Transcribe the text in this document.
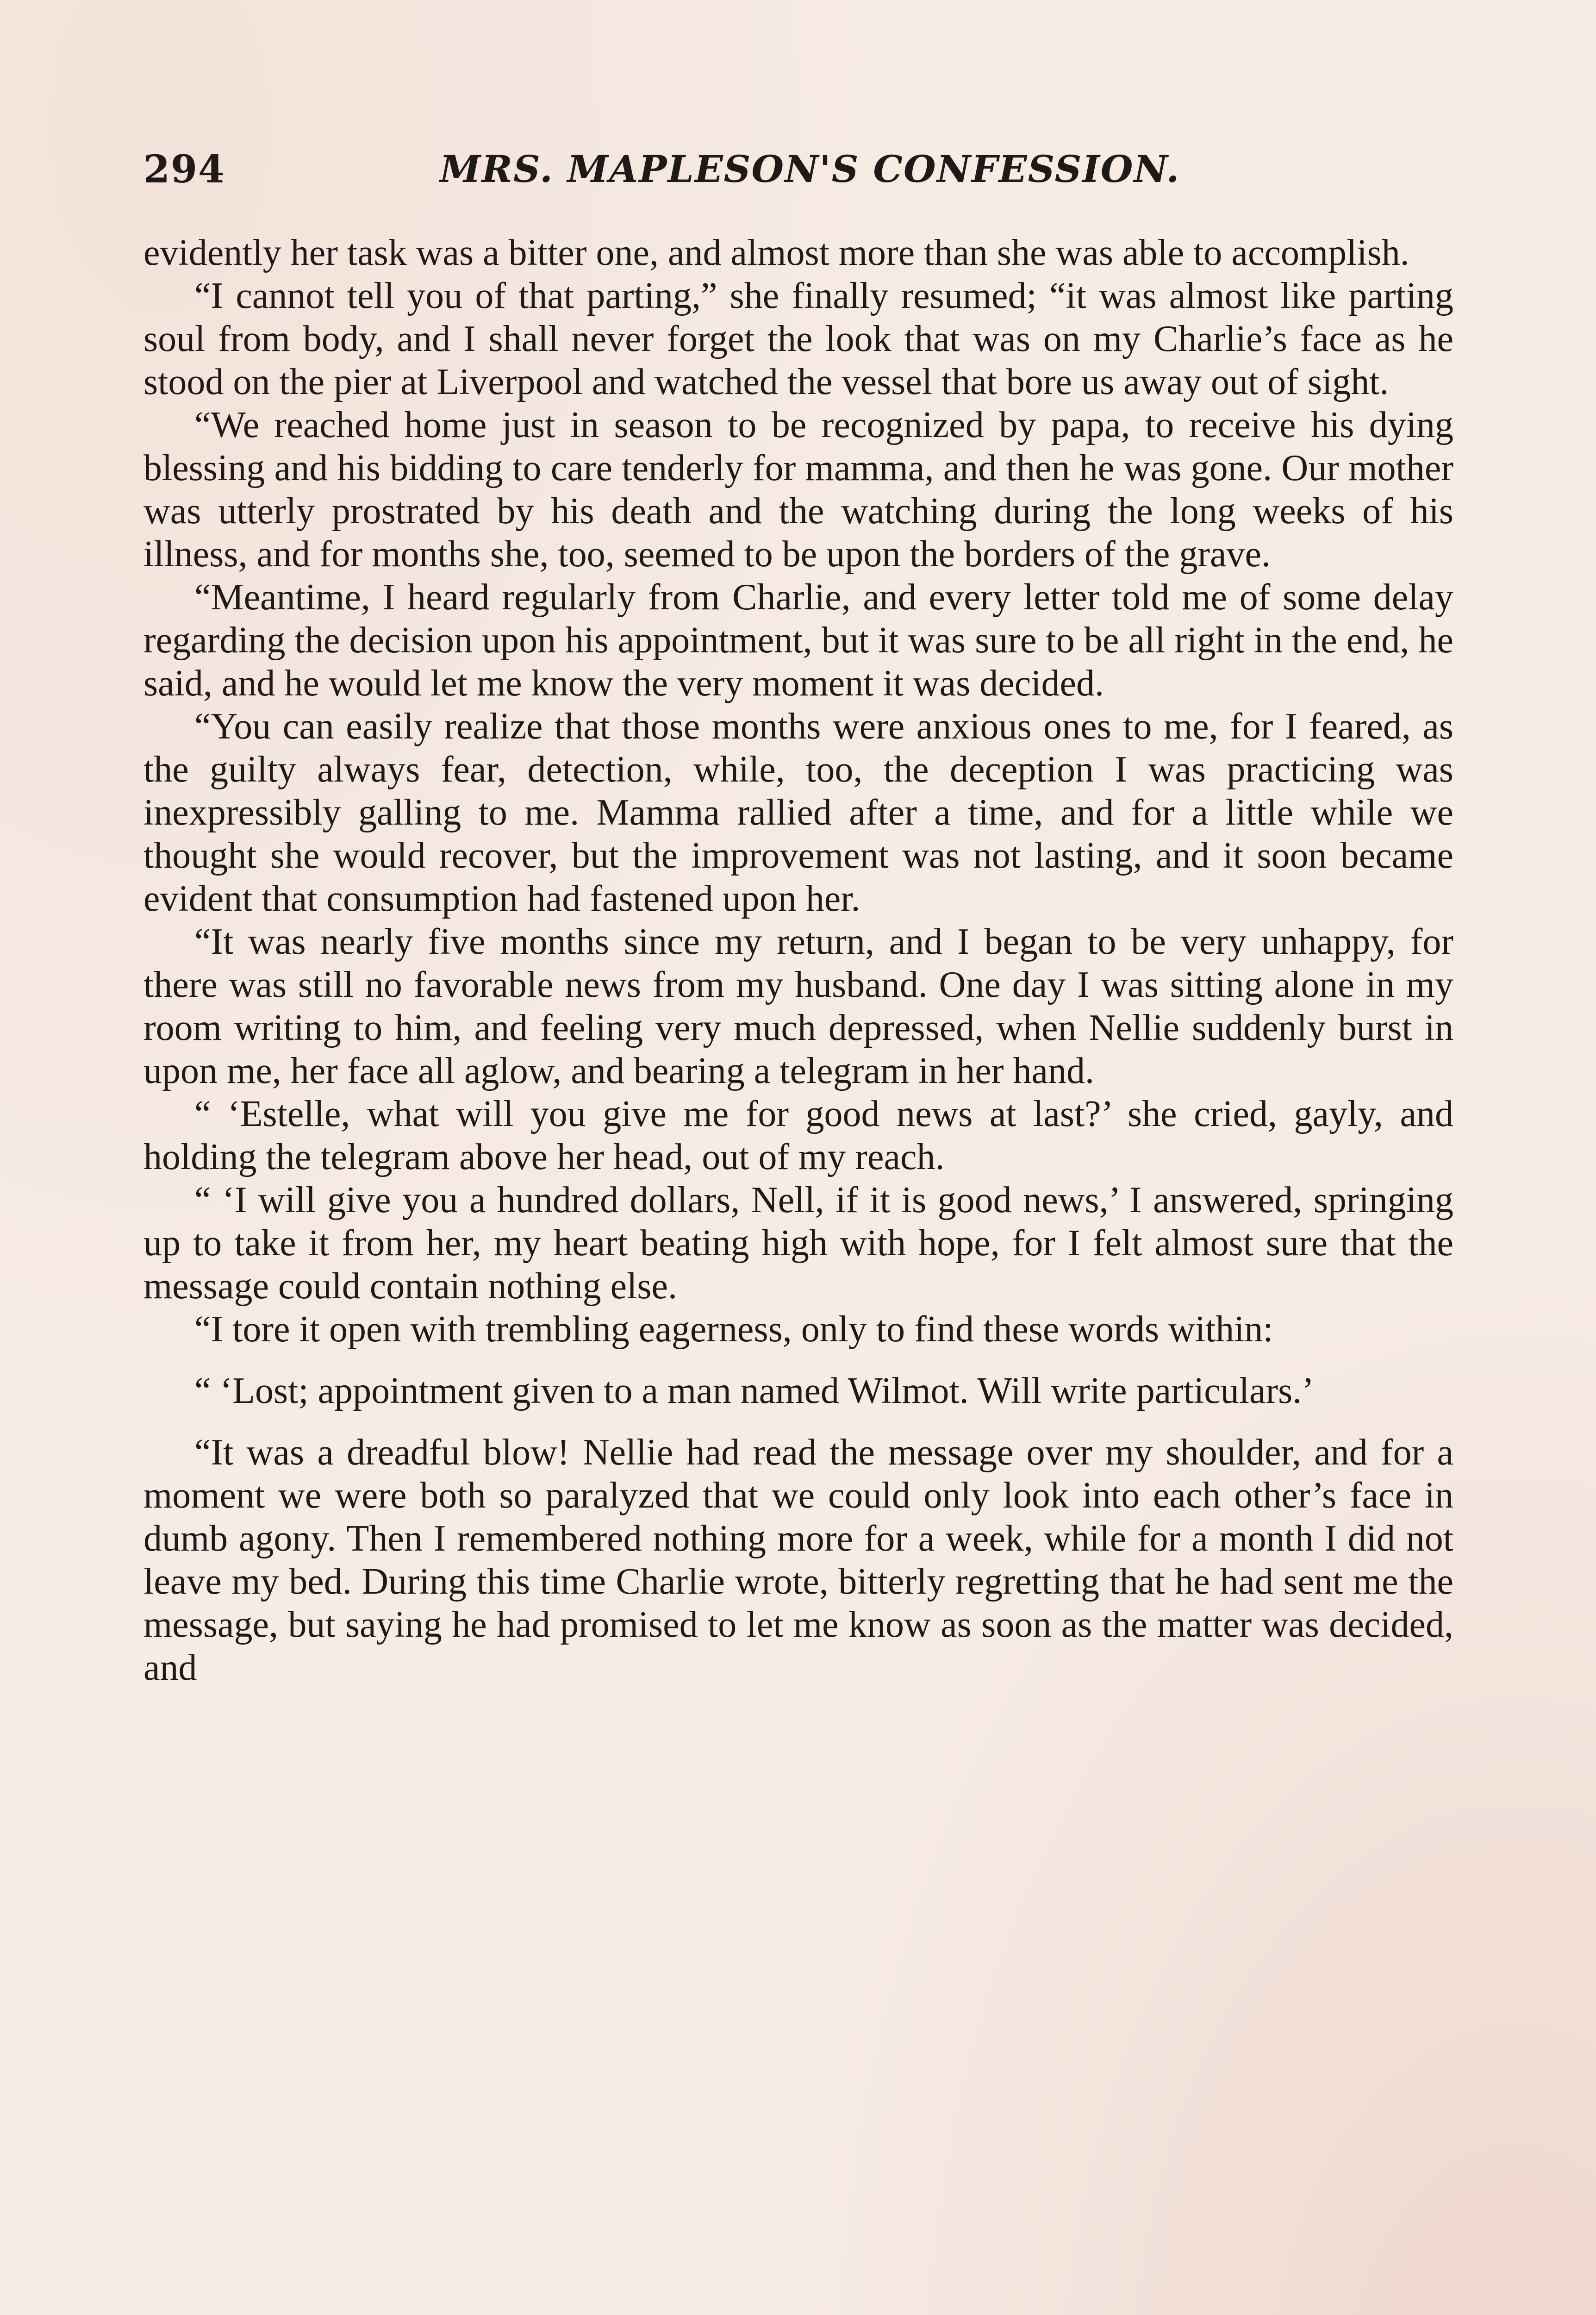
294	MRS. MAPLESON'S CONFESSION.

evidently her task was a bitter one, and almost more than she was able to accomplish.

“I cannot tell you of that parting,” she finally resumed; “it was almost like parting soul from body, and I shall never forget the look that was on my Charlie’s face as he stood on the pier at Liverpool and watched the vessel that bore us away out of sight.

“We reached home just in season to be recognized by papa, to receive his dying blessing and his bidding to care tenderly for mamma, and then he was gone. Our mother was utterly prostrated by his death and the watching during the long weeks of his illness, and for months she, too, seemed to be upon the borders of the grave.

“Meantime, I heard regularly from Charlie, and every letter told me of some delay regarding the decision upon his appointment, but it was sure to be all right in the end, he said, and he would let me know the very moment it was decided.

“You can easily realize that those months were anxious ones to me, for I feared, as the guilty always fear, detection, while, too, the deception I was practicing was inexpressibly galling to me. Mamma rallied after a time, and for a little while we thought she would recover, but the improvement was not lasting, and it soon became evident that consumption had fastened upon her.

“It was nearly five months since my return, and I began to be very unhappy, for there was still no favorable news from my husband. One day I was sitting alone in my room writing to him, and feeling very much depressed, when Nellie suddenly burst in upon me, her face all aglow, and bearing a telegram in her hand.

“ ‘Estelle, what will you give me for good news at last?’ she cried, gayly, and holding the telegram above her head, out of my reach.

“ ‘I will give you a hundred dollars, Nell, if it is good news,’ I answered, springing up to take it from her, my heart beating high with hope, for I felt almost sure that the message could contain nothing else.

“I tore it open with trembling eagerness, only to find these words within:

“ ‘Lost; appointment given to a man named Wilmot. Will write particulars.’

“It was a dreadful blow! Nellie had read the message over my shoulder, and for a moment we were both so paralyzed that we could only look into each other’s face in dumb agony. Then I remembered nothing more for a week, while for a month I did not leave my bed. During this time Charlie wrote, bitterly regretting that he had sent me the message, but saying he had promised to let me know as soon as the matter was decided, and
